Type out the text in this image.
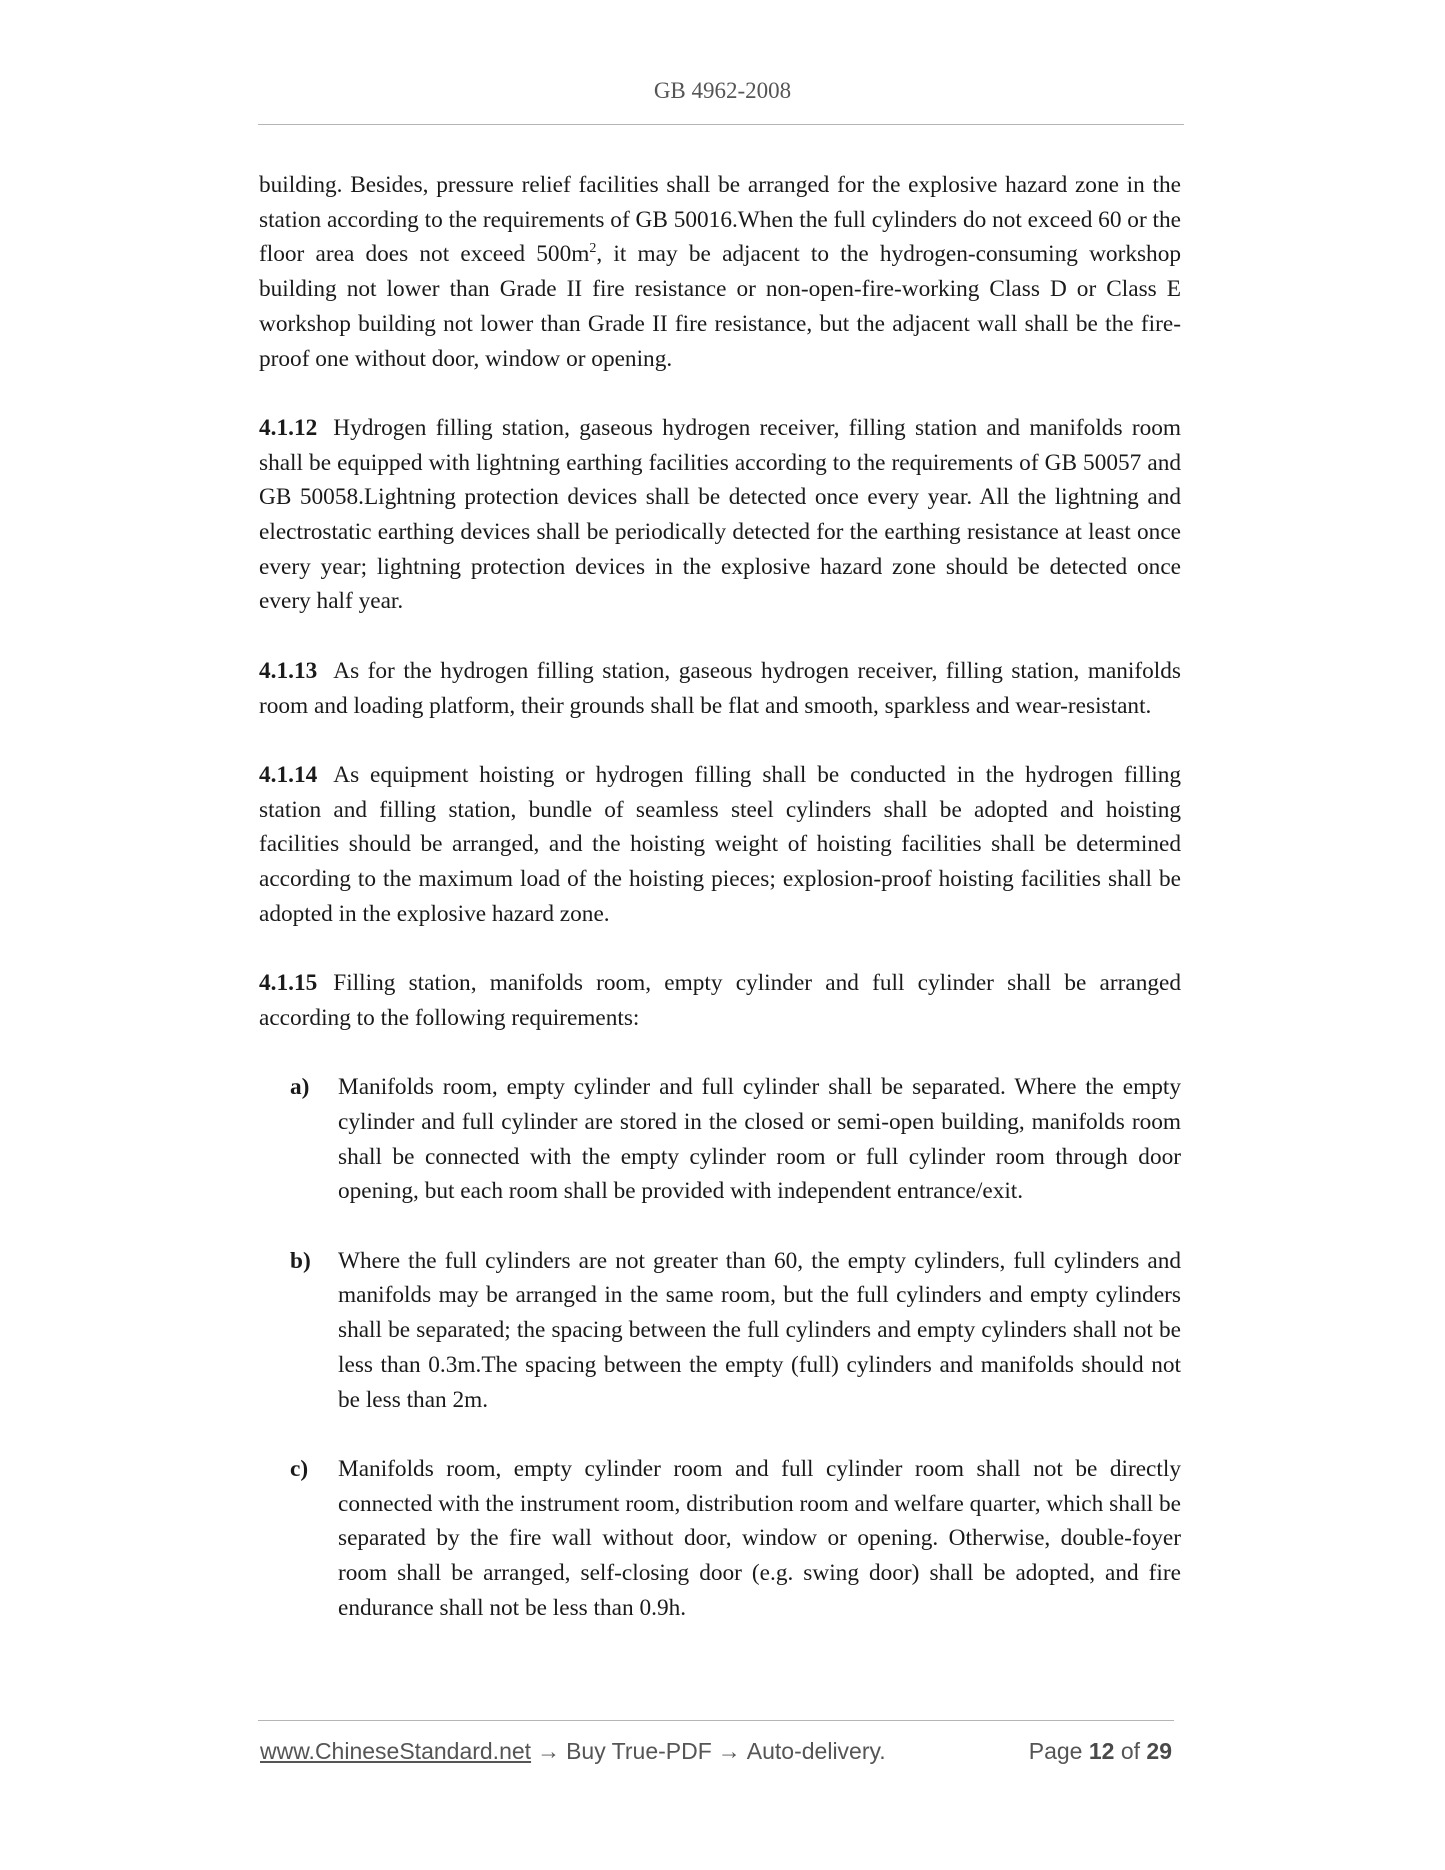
GB 4962-2008

building. Besides, pressure relief facilities shall be arranged for the explosive hazard zone in the station according to the requirements of GB 50016.When the full cylinders do not exceed 60 or the floor area does not exceed $500m^2$, it may be adjacent to the hydrogen-consuming workshop building not lower than Grade II fire resistance or non-open-fire-working Class D or Class E workshop building not lower than Grade II fire resistance, but the adjacent wall shall be the fire-proof one without door, window or opening.

4.1.12 Hydrogen filling station, gaseous hydrogen receiver, filling station and manifolds room shall be equipped with lightning earthing facilities according to the requirements of GB 50057 and GB 50058.Lightning protection devices shall be detected once every year. All the lightning and electrostatic earthing devices shall be periodically detected for the earthing resistance at least once every year; lightning protection devices in the explosive hazard zone should be detected once every half year.

4.1.13 As for the hydrogen filling station, gaseous hydrogen receiver, filling station, manifolds room and loading platform, their grounds shall be flat and smooth, sparkless and wear-resistant.

4.1.14 As equipment hoisting or hydrogen filling shall be conducted in the hydrogen filling station and filling station, bundle of seamless steel cylinders shall be adopted and hoisting facilities should be arranged, and the hoisting weight of hoisting facilities shall be determined according to the maximum load of the hoisting pieces; explosion-proof hoisting facilities shall be adopted in the explosive hazard zone.

4.1.15 Filling station, manifolds room, empty cylinder and full cylinder shall be arranged according to the following requirements:

a) Manifolds room, empty cylinder and full cylinder shall be separated. Where the empty cylinder and full cylinder are stored in the closed or semi-open building, manifolds room shall be connected with the empty cylinder room or full cylinder room through door opening, but each room shall be provided with independent entrance/exit.
b) Where the full cylinders are not greater than 60, the empty cylinders, full cylinders and manifolds may be arranged in the same room, but the full cylinders and empty cylinders shall be separated; the spacing between the full cylinders and empty cylinders shall not be less than 0.3m.The spacing between the empty (full) cylinders and manifolds should not be less than 2m.
c) Manifolds room, empty cylinder room and full cylinder room shall not be directly connected with the instrument room, distribution room and welfare quarter, which shall be separated by the fire wall without door, window or opening. Otherwise, double-foyer room shall be arranged, self-closing door (e.g. swing door) shall be adopted, and fire endurance shall not be less than 0.9h.
www.ChineseStandard.net → Buy True-PDF → Auto-delivery.	Page 12 of 29
